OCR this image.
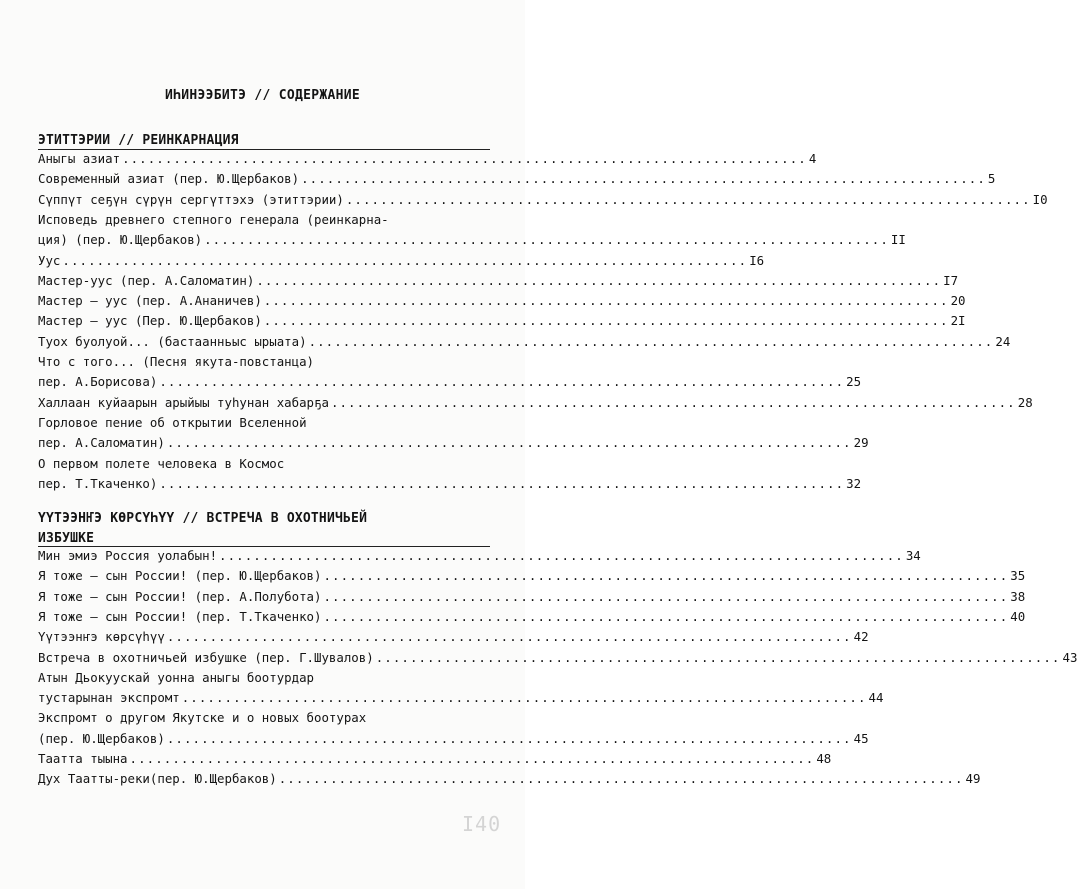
ИҺИНЭЭБИТЭ // СОДЕРЖАНИЕ
ЭТИТТЭРИИ // РЕИНКАРНАЦИЯ
ҮҮТЭЭНҤЭ КӨРСҮҺҮҮ // ВСТРЕЧА В ОХОТНИЧЬЕЙ
ИЗБУШКЕ
I40
Аныгы азиат ................................................................................ 4
Современный азиат (пер. Ю.Щербаков) ................................................................................ 5
Сүппүт сеҕүн сүрүн сергүттэхэ (этиттэрии) ................................................................................ I0
Исповедь древнего степного генерала (реинкарна-
ция) (пер. Ю.Щербаков) ................................................................................ II
Уус ................................................................................ I6
Мастер-уус (пер. А.Саломатин) ................................................................................ I7
Мастер – уус (пер. А.Ананичев) ................................................................................ 20
Мастер – уус (Пер. Ю.Щербаков) ................................................................................ 2I
Туох буолуой... (бастаанньыс ырыата) ................................................................................ 24
Что с того... (Песня якута-повстанца)
пер. А.Борисова) ................................................................................ 25
Халлаан куйаарын арыйыы туһунан хабарҕа ................................................................................ 28
Горловое пение об открытии Вселенной
пер. А.Саломатин) ................................................................................ 29
О первом полете человека в Космос
пер. Т.Ткаченко) ................................................................................ 32
Мин эмиэ Россия уолабын! ................................................................................ 34
Я тоже – сын России! (пер. Ю.Щербаков) ................................................................................ 35
Я тоже – сын России! (пер. А.Полубота) ................................................................................ 38
Я тоже – сын России! (пер. Т.Ткаченко) ................................................................................ 40
Үүтээнҥэ көрсүһүү ................................................................................ 42
Встреча в охотничьей избушке (пер. Г.Шувалов) ................................................................................ 43
Атын Дьокуускай уонна аныгы боотурдар
тустарынан экспромт ................................................................................ 44
Экспромт о другом Якутске и о новых боотурах
(пер. Ю.Щербаков) ................................................................................ 45
Таатта тыына ................................................................................ 48
Дух Таатты-реки(пер. Ю.Щербаков) ................................................................................ 49
